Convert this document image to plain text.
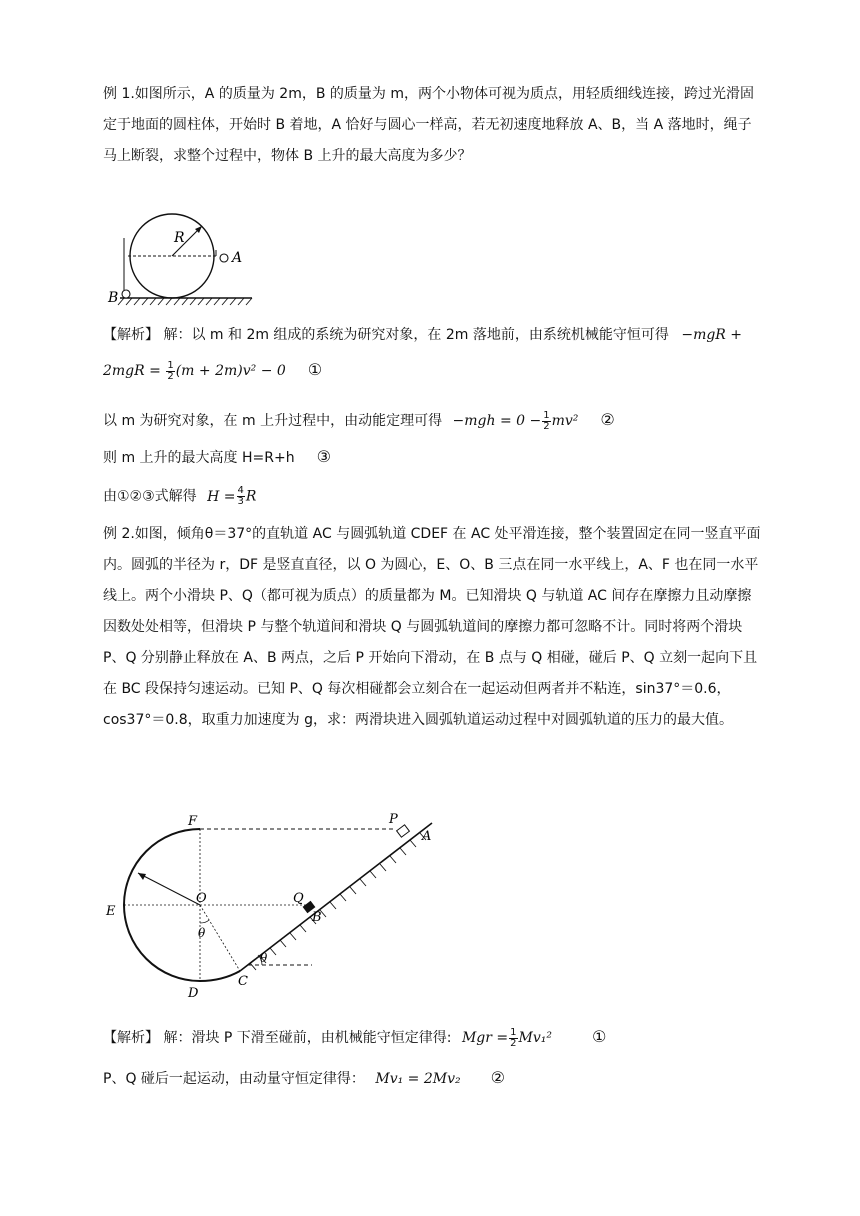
例 1.如图所示，A 的质量为 2m，B 的质量为 m，两个小物体可视为质点，用轻质细线连接，跨过光滑固定于地面的圆柱体，开始时 B 着地，A 恰好与圆心一样高，若无初速度地释放 A、B，当 A 落地时，绳子马上断裂，求整个过程中，物体 B 上升的最大高度为多少？

R
A
B
【解析】 解：以 m 和 2m 组成的系统为研究对象，在 2m 落地前，由系统机械能守恒可得 −mgR +
$2mgR = \frac{1}{2} (m + 2m)v^2 - 0$ ①
以 m 为研究对象，在 m 上升过程中，由动能定理可得 −mgℎ = $0 - \frac{1}{2} mv^2$ ②
则 m 上升的最大高度 H=R+h ③
由①②③式解得 $H = \frac{4}{3}$ R

例 2.如图，倾角θ＝37°的直轨道 AC 与圆弧轨道 CDEF 在 AC 处平滑连接，整个装置固定在同一竖直平面内。圆弧的半径为 r，DF 是竖直直径，以 O 为圆心，E、O、B 三点在同一水平线上，A、F 也在同一水平线上。两个小滑块 P、Q（都可视为质点）的质量都为 M。已知滑块 Q 与轨道 AC 间存在摩擦力且动摩擦因数处处相等，但滑块 P 与整个轨道间和滑块 Q 与圆弧轨道间的摩擦力都可忽略不计。同时将两个滑块 P、Q 分别静止释放在 A、B 两点，之后 P 开始向下滑动，在 B 点与 Q 相碰，碰后 P、Q 立刻一起向下且在 BC 段保持匀速运动。已知 P、Q 每次相碰都会立刻合在一起运动但两者并不粘连，sin37°＝0.6，cos37°＝0.8，取重力加速度为 g，求：两滑块进入圆弧轨道运动过程中对圆弧轨道的压力的最大值。

F	P
A
E
O	Q
B
θ
θ
C
D
【解析】 解：滑块 P 下滑至碰前，由机械能守恒定律得: Mgr = $\frac{1}{2} Mv_1^2$	①
P、Q 碰后一起运动，由动量守恒定律得： Mv₁ = 2Mv₂ ②
